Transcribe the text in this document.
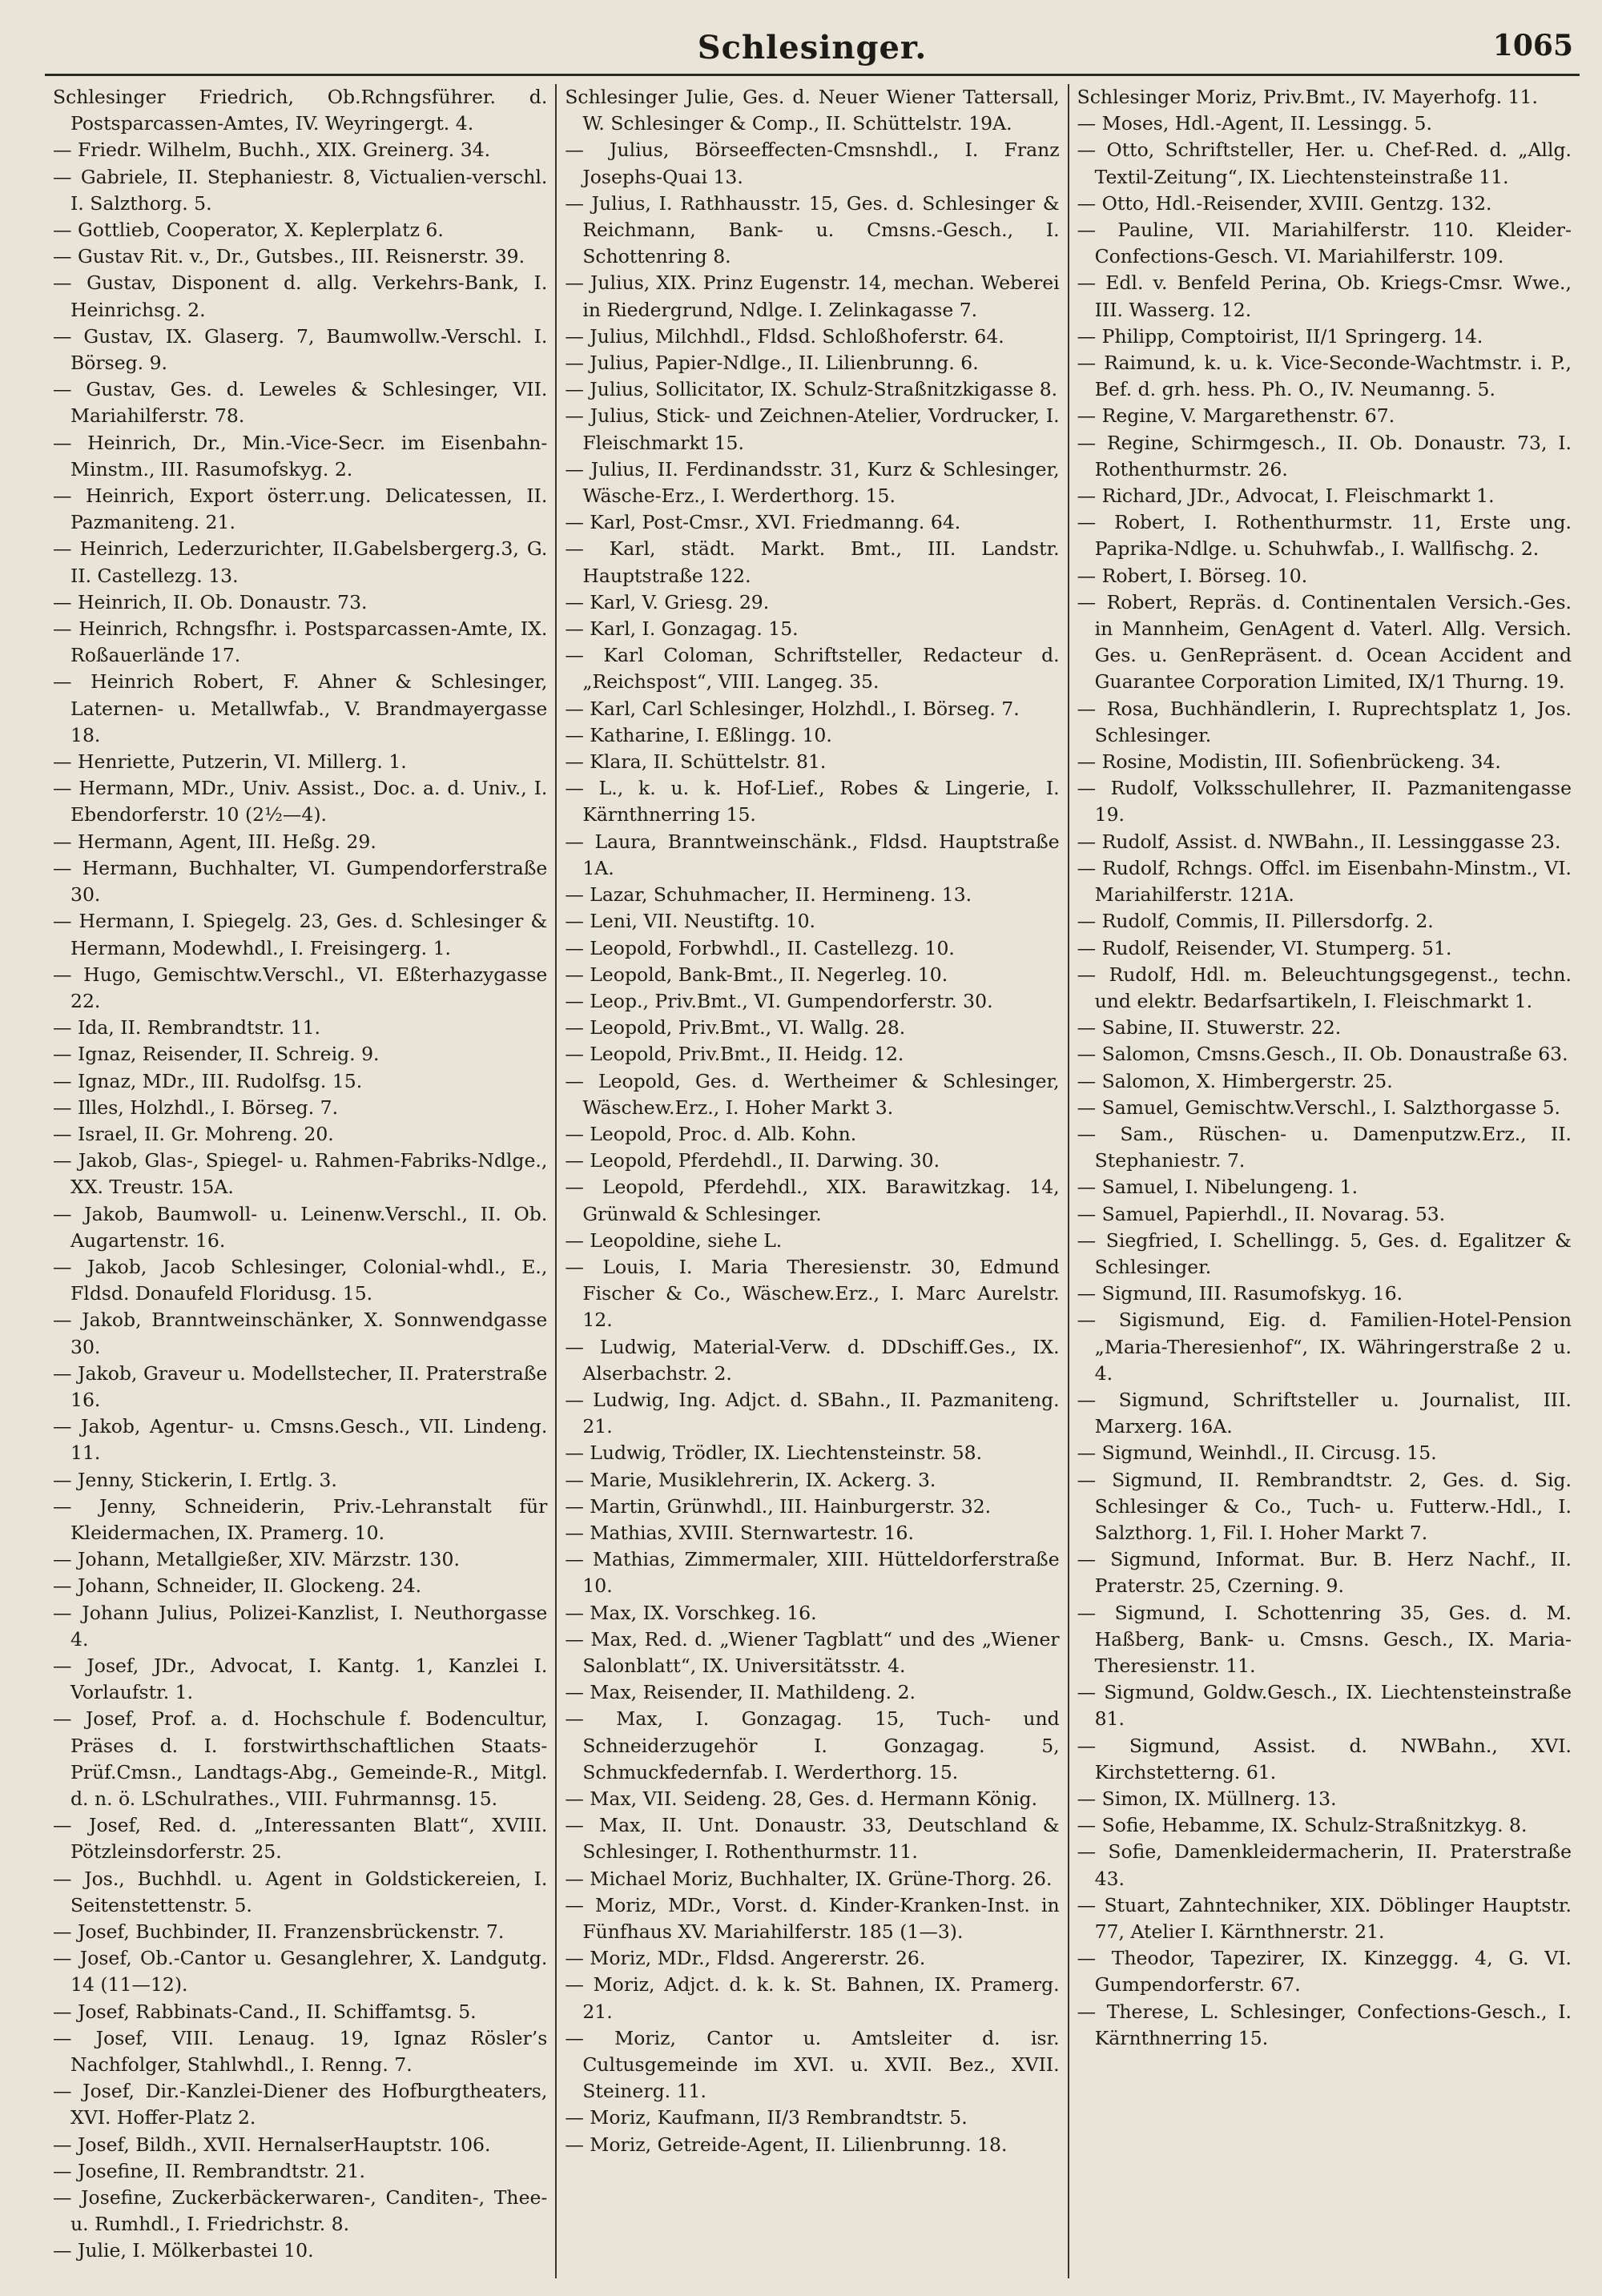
Schlesinger.	1065
Schlesinger Friedrich, Ob.Rchngsführer. d. Postsparcassen-Amtes, IV. Weyringergt. 4.
— Friedr. Wilhelm, Buchh., XIX. Greinerg. 34.
— Gabriele, II. Stephaniestr. 8, Victualien-verschl. I. Salzthorg. 5.
— Gottlieb, Cooperator, X. Keplerplatz 6.
— Gustav Rit. v., Dr., Gutsbes., III. Reisnerstr. 39.
— Gustav, Disponent d. allg. Verkehrs-Bank, I. Heinrichsg. 2.
— Gustav, IX. Glaserg. 7, Baumwollw.-Verschl. I. Börseg. 9.
— Gustav, Ges. d. Leweles & Schlesinger, VII. Mariahilferstr. 78.
— Heinrich, Dr., Min.-Vice-Secr. im Eisenbahn-Minstm., III. Rasumofskyg. 2.
— Heinrich, Export österr.ung. Delicatessen, II. Pazmaniteng. 21.
— Heinrich, Lederzurichter, II.Gabelsbergerg.3, G. II. Castellezg. 13.
— Heinrich, II. Ob. Donaustr. 73.
— Heinrich, Rchngsfhr. i. Postsparcassen-Amte, IX. Roßauerlände 17.
— Heinrich Robert, F. Ahner & Schlesinger, Laternen- u. Metallwfab., V. Brandmayergasse 18.
— Henriette, Putzerin, VI. Millerg. 1.
— Hermann, MDr., Univ. Assist., Doc. a. d. Univ., I. Ebendorferstr. 10 (2½—4).
— Hermann, Agent, III. Heßg. 29.
— Hermann, Buchhalter, VI. Gumpendorferstraße 30.
— Hermann, I. Spiegelg. 23, Ges. d. Schlesinger & Hermann, Modewhdl., I. Freisingerg. 1.
— Hugo, Gemischtw.Verschl., VI. Eßterhazygasse 22.
— Ida, II. Rembrandtstr. 11.
— Ignaz, Reisender, II. Schreig. 9.
— Ignaz, MDr., III. Rudolfsg. 15.
— Illes, Holzhdl., I. Börseg. 7.
— Israel, II. Gr. Mohreng. 20.
— Jakob, Glas-, Spiegel- u. Rahmen-Fabriks-Ndlge., XX. Treustr. 15A.
— Jakob, Baumwoll- u. Leinenw.Verschl., II. Ob. Augartenstr. 16.
— Jakob, Jacob Schlesinger, Colonial-whdl., E., Fldsd. Donaufeld Floridusg. 15.
— Jakob, Branntweinschänker, X. Sonnwendgasse 30.
— Jakob, Graveur u. Modellstecher, II. Praterstraße 16.
— Jakob, Agentur- u. Cmsns.Gesch., VII. Lindeng. 11.
— Jenny, Stickerin, I. Ertlg. 3.
— Jenny, Schneiderin, Priv.-Lehranstalt für Kleidermachen, IX. Pramerg. 10.
— Johann, Metallgießer, XIV. Märzstr. 130.
— Johann, Schneider, II. Glockeng. 24.
— Johann Julius, Polizei-Kanzlist, I. Neuthorgasse 4.
— Josef, JDr., Advocat, I. Kantg. 1, Kanzlei I. Vorlaufstr. 1.
— Josef, Prof. a. d. Hochschule f. Bodencultur, Präses d. I. forstwirthschaftlichen Staats-Prüf.Cmsn., Landtags-Abg., Gemeinde-R., Mitgl. d. n. ö. LSchulrathes., VIII. Fuhrmannsg. 15.
— Josef, Red. d. „Interessanten Blatt“, XVIII. Pötzleinsdorferstr. 25.
— Jos., Buchhdl. u. Agent in Goldstickereien, I. Seitenstettenstr. 5.
— Josef, Buchbinder, II. Franzensbrückenstr. 7.
— Josef, Ob.-Cantor u. Gesanglehrer, X. Landgutg. 14 (11—12).
— Josef, Rabbinats-Cand., II. Schiffamtsg. 5.
— Josef, VIII. Lenaug. 19, Ignaz Rösler’s Nachfolger, Stahlwhdl., I. Renng. 7.
— Josef, Dir.-Kanzlei-Diener des Hofburgtheaters, XVI. Hoffer-Platz 2.
— Josef, Bildh., XVII. HernalserHauptstr. 106.
— Josefine, II. Rembrandtstr. 21.
— Josefine, Zuckerbäckerwaren-, Canditen-, Thee- u. Rumhdl., I. Friedrichstr. 8.
— Julie, I. Mölkerbastei 10.
Schlesinger Julie, Ges. d. Neuer Wiener Tattersall, W. Schlesinger & Comp., II. Schüttelstr. 19A.
— Julius, Börseeffecten-Cmsnshdl., I. Franz Josephs-Quai 13.
— Julius, I. Rathhausstr. 15, Ges. d. Schlesinger & Reichmann, Bank- u. Cmsns.-Gesch., I. Schottenring 8.
— Julius, XIX. Prinz Eugenstr. 14, mechan. Weberei in Riedergrund, Ndlge. I. Zelinkagasse 7.
— Julius, Milchhdl., Fldsd. Schloßhoferstr. 64.
— Julius, Papier-Ndlge., II. Lilienbrunng. 6.
— Julius, Sollicitator, IX. Schulz-Straßnitzkigasse 8.
— Julius, Stick- und Zeichnen-Atelier, Vordrucker, I. Fleischmarkt 15.
— Julius, II. Ferdinandsstr. 31, Kurz & Schlesinger, Wäsche-Erz., I. Werderthorg. 15.
— Karl, Post-Cmsr., XVI. Friedmanng. 64.
— Karl, städt. Markt. Bmt., III. Landstr. Hauptstraße 122.
— Karl, V. Griesg. 29.
— Karl, I. Gonzagag. 15.
— Karl Coloman, Schriftsteller, Redacteur d. „Reichspost“, VIII. Langeg. 35.
— Karl, Carl Schlesinger, Holzhdl., I. Börseg. 7.
— Katharine, I. Eßlingg. 10.
— Klara, II. Schüttelstr. 81.
— L., k. u. k. Hof-Lief., Robes & Lingerie, I. Kärnthnerring 15.
— Laura, Branntweinschänk., Fldsd. Hauptstraße 1A.
— Lazar, Schuhmacher, II. Hermineng. 13.
— Leni, VII. Neustiftg. 10.
— Leopold, Forbwhdl., II. Castellezg. 10.
— Leopold, Bank-Bmt., II. Negerleg. 10.
— Leop., Priv.Bmt., VI. Gumpendorferstr. 30.
— Leopold, Priv.Bmt., VI. Wallg. 28.
— Leopold, Priv.Bmt., II. Heidg. 12.
— Leopold, Ges. d. Wertheimer & Schlesinger, Wäschew.Erz., I. Hoher Markt 3.
— Leopold, Proc. d. Alb. Kohn.
— Leopold, Pferdehdl., II. Darwing. 30.
— Leopold, Pferdehdl., XIX. Barawitzkag. 14, Grünwald & Schlesinger.
— Leopoldine, siehe L.
— Louis, I. Maria Theresienstr. 30, Edmund Fischer & Co., Wäschew.Erz., I. Marc Aurelstr. 12.
— Ludwig, Material-Verw. d. DDschiff.Ges., IX. Alserbachstr. 2.
— Ludwig, Ing. Adjct. d. SBahn., II. Pazmaniteng. 21.
— Ludwig, Trödler, IX. Liechtensteinstr. 58.
— Marie, Musiklehrerin, IX. Ackerg. 3.
— Martin, Grünwhdl., III. Hainburgerstr. 32.
— Mathias, XVIII. Sternwartestr. 16.
— Mathias, Zimmermaler, XIII. Hütteldorferstraße 10.
— Max, IX. Vorschkeg. 16.
— Max, Red. d. „Wiener Tagblatt“ und des „Wiener Salonblatt“, IX. Universitätsstr. 4.
— Max, Reisender, II. Mathildeng. 2.
— Max, I. Gonzagag. 15, Tuch- und Schneiderzugehör I. Gonzagag. 5, Schmuckfedernfab. I. Werderthorg. 15.
— Max, VII. Seideng. 28, Ges. d. Hermann König.
— Max, II. Unt. Donaustr. 33, Deutschland & Schlesinger, I. Rothenthurmstr. 11.
— Michael Moriz, Buchhalter, IX. Grüne-Thorg. 26.
— Moriz, MDr., Vorst. d. Kinder-Kranken-Inst. in Fünfhaus XV. Mariahilferstr. 185 (1—3).
— Moriz, MDr., Fldsd. Angererstr. 26.
— Moriz, Adjct. d. k. k. St. Bahnen, IX. Pramerg. 21.
— Moriz, Cantor u. Amtsleiter d. isr. Cultusgemeinde im XVI. u. XVII. Bez., XVII. Steinerg. 11.
— Moriz, Kaufmann, II/3 Rembrandtstr. 5.
— Moriz, Getreide-Agent, II. Lilienbrunng. 18.
Schlesinger Moriz, Priv.Bmt., IV. Mayerhofg. 11.
— Moses, Hdl.-Agent, II. Lessingg. 5.
— Otto, Schriftsteller, Her. u. Chef-Red. d. „Allg. Textil-Zeitung“, IX. Liechtensteinstraße 11.
— Otto, Hdl.-Reisender, XVIII. Gentzg. 132.
— Pauline, VII. Mariahilferstr. 110. Kleider-Confections-Gesch. VI. Mariahilferstr. 109.
— Edl. v. Benfeld Perina, Ob. Kriegs-Cmsr. Wwe., III. Wasserg. 12.
— Philipp, Comptoirist, II/1 Springerg. 14.
— Raimund, k. u. k. Vice-Seconde-Wachtmstr. i. P., Bef. d. grh. hess. Ph. O., IV. Neumanng. 5.
— Regine, V. Margarethenstr. 67.
— Regine, Schirmgesch., II. Ob. Donaustr. 73, I. Rothenthurmstr. 26.
— Richard, JDr., Advocat, I. Fleischmarkt 1.
— Robert, I. Rothenthurmstr. 11, Erste ung. Paprika-Ndlge. u. Schuhwfab., I. Wallfischg. 2.
— Robert, I. Börseg. 10.
— Robert, Repräs. d. Continentalen Versich.-Ges. in Mannheim, GenAgent d. Vaterl. Allg. Versich. Ges. u. GenRepräsent. d. Ocean Accident and Guarantee Corporation Limited, IX/1 Thurng. 19.
— Rosa, Buchhändlerin, I. Ruprechtsplatz 1, Jos. Schlesinger.
— Rosine, Modistin, III. Sofienbrückeng. 34.
— Rudolf, Volksschullehrer, II. Pazmanitengasse 19.
— Rudolf, Assist. d. NWBahn., II. Lessinggasse 23.
— Rudolf, Rchngs. Offcl. im Eisenbahn-Minstm., VI. Mariahilferstr. 121A.
— Rudolf, Commis, II. Pillersdorfg. 2.
— Rudolf, Reisender, VI. Stumperg. 51.
— Rudolf, Hdl. m. Beleuchtungsgegenst., techn. und elektr. Bedarfsartikeln, I. Fleischmarkt 1.
— Sabine, II. Stuwerstr. 22.
— Salomon, Cmsns.Gesch., II. Ob. Donaustraße 63.
— Salomon, X. Himbergerstr. 25.
— Samuel, Gemischtw.Verschl., I. Salzthorgasse 5.
— Sam., Rüschen- u. Damenputzw.Erz., II. Stephaniestr. 7.
— Samuel, I. Nibelungeng. 1.
— Samuel, Papierhdl., II. Novarag. 53.
— Siegfried, I. Schellingg. 5, Ges. d. Egalitzer & Schlesinger.
— Sigmund, III. Rasumofskyg. 16.
— Sigismund, Eig. d. Familien-Hotel-Pension „Maria-Theresienhof“, IX. Währingerstraße 2 u. 4.
— Sigmund, Schriftsteller u. Journalist, III. Marxerg. 16A.
— Sigmund, Weinhdl., II. Circusg. 15.
— Sigmund, II. Rembrandtstr. 2, Ges. d. Sig. Schlesinger & Co., Tuch- u. Futterw.-Hdl., I. Salzthorg. 1, Fil. I. Hoher Markt 7.
— Sigmund, Informat. Bur. B. Herz Nachf., II. Praterstr. 25, Czerning. 9.
— Sigmund, I. Schottenring 35, Ges. d. M. Haßberg, Bank- u. Cmsns. Gesch., IX. Maria-Theresienstr. 11.
— Sigmund, Goldw.Gesch., IX. Liechtensteinstraße 81.
— Sigmund, Assist. d. NWBahn., XVI. Kirchstetterng. 61.
— Simon, IX. Müllnerg. 13.
— Sofie, Hebamme, IX. Schulz-Straßnitzkyg. 8.
— Sofie, Damenkleidermacherin, II. Praterstraße 43.
— Stuart, Zahntechniker, XIX. Döblinger Hauptstr. 77, Atelier I. Kärnthnerstr. 21.
— Theodor, Tapezirer, IX. Kinzeggg. 4, G. VI. Gumpendorferstr. 67.
— Therese, L. Schlesinger, Confections-Gesch., I. Kärnthnerring 15.
